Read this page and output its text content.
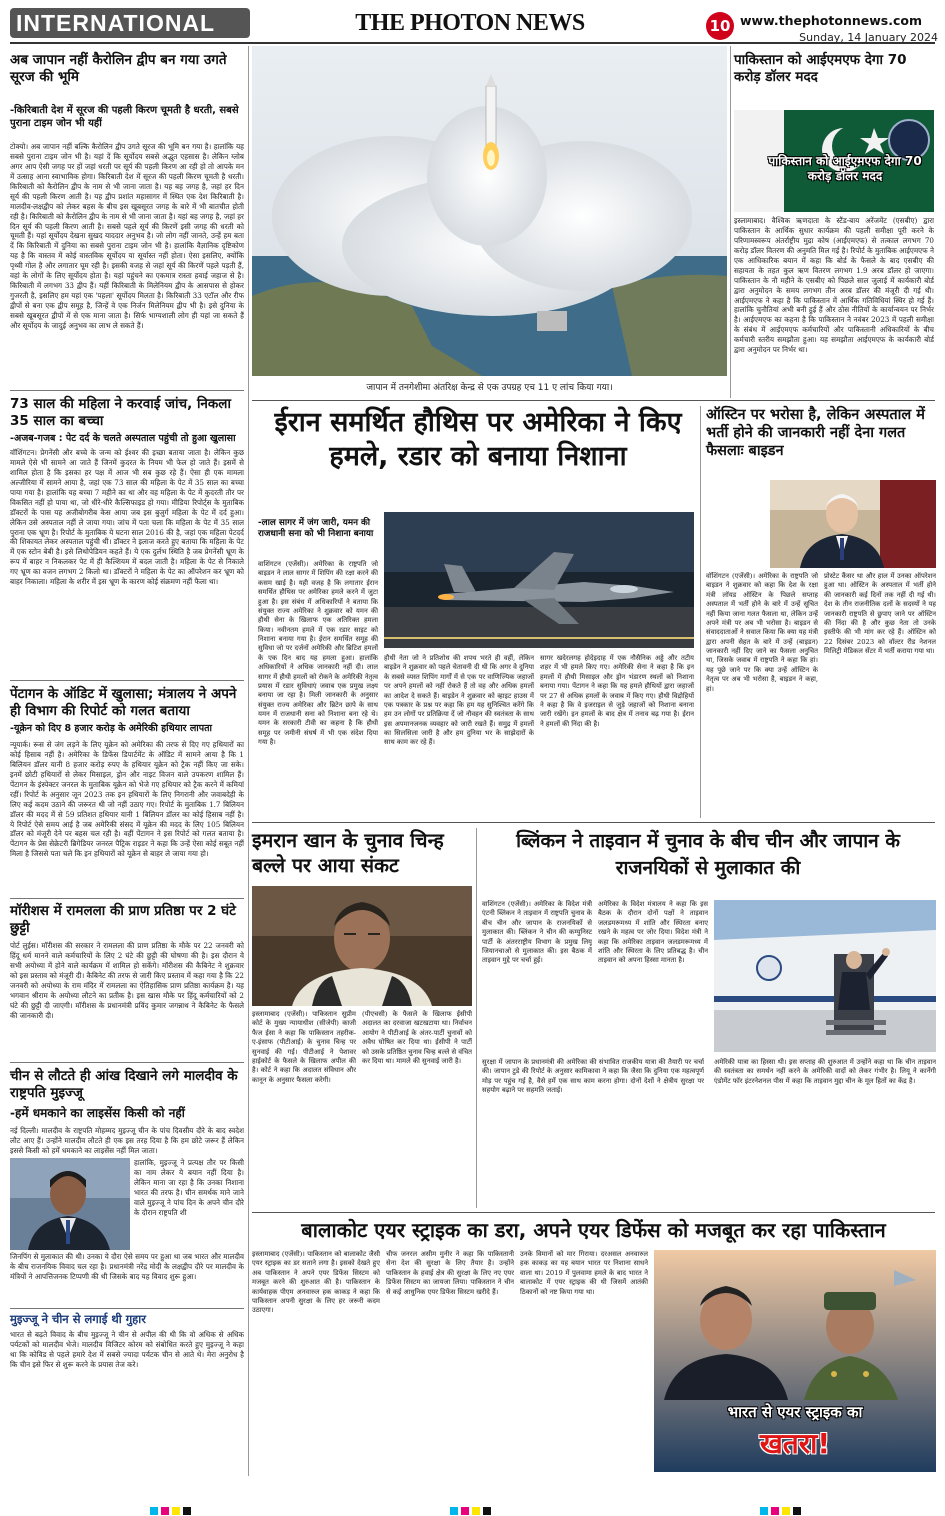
INTERNATIONAL	THE PHOTON NEWS	10 www.thephotonnews.com
Sunday, 14 January 2024
अब जापान नहीं कैरोलिन द्वीप बन गया उगते सूरज की भूमि
-किरिबाती देश में सूरज की पहली किरण चूमती है धरती, सबसे पुराना टाइम जोन भी यहीं
टोक्यो। अब जापान नहीं बल्कि कैरोलिन द्वीप उगते सूरज की भूमि बन गया है। हालांकि यह सबसे पुराना टाइम जोन भी है। यहां दें कि सूर्योदय सबसे अद्भुत एहसास है। लेकिन ग्लोब अगर आप ऐसी जगह पर हों जहां धरती पर सूर्य की पहली किरण आ रही हो तो आपके मन में उत्साह आना स्वाभाविक होगा। किरिबाती देश में सूरज की पहली किरण चूमती है धरती। किरिबाती को कैरोलिन द्वीप के नाम से भी जाना जाता है। यह बह जगह है, जहां हर दिन सूर्य की पहली किरण आती है। यह द्वीप प्रशांत महासागर में स्थित एक देश किरिबाती है। मालदीव-लक्षद्वीप को लेकर बहस के बीच इस खूबसूरत जगह के बारे में भी बातचीत होती रही है। किरिबाती को कैरोलिन द्वीप के नाम से भी जाना जाता है। यहां बह जगह है, जहां हर दिन सूर्य की पहली किरण आती है। सबसे पहले सूर्य की किरणें इसी जगह की धरती को चूमती हैं। यहां सूर्योदय देखना सुखद याददार अनुभव है। जो लोग नहीं जानते, उन्हें हम बता दें कि किरिबाती में दुनिया का सबसे पुराना टाइम जोन भी है। हालांकि वैज्ञानिक दृष्टिकोण यह है कि वास्तव में कोई वास्तविक सूर्योदय या सूर्यास्त नहीं होता। ऐसा इसलिए, क्योंकि पृथ्वी गोल है और लगातार घूम रही है। इसकी वजह से जहां सूर्य की किरणें पहले पड़ती हैं, वहां के लोगों के लिए सूर्योदय होता है। यहां पहुंचने का एकमात्र रास्ता हवाई जहाज से है। किरिबाती में लगभग 33 द्वीप हैं। यहीं किरिबाती के मिलेनियम द्वीप के आसपास से होकर गुजरती है, इसलिए हम यहां एक 'पहला' सूर्योदय मिलता है। किरिबाती 33 एटॉल और रीफ द्वीपों से बना एक द्वीप समूह है, जिन्हें वे एक निर्जन मिलेनियम द्वीप भी है। इसे दुनिया के सबसे खूबसूरत द्वीपों में से एक माना जाता है। सिर्फ भाग्यशाली लोग ही यहां जा सकते हैं और सूर्योदय के जादुई अनुभव का लाभ ले सकते हैं।
73 साल की महिला ने करवाई जांच, निकला 35 साल का बच्चा
-अजब-गजब : पेट दर्द के चलते अस्पताल पहुंची तो हुआ खुलासा
वॉशिंगटन। प्रेगनेंसी और बच्चे के जन्म को ईश्वर की इच्छा बताया जाता है। लेकिन कुछ मामले ऐसे भी सामने आ जाते हैं जिनमें कुदरत के नियम भी फेल हो जाते हैं। इसमें से शामिल होता है कि इसका हर पक्ष में आज भी सब कुछ रहे हैं। ऐसा ही एक मामला अल्जीरिया में सामने आया है, जहां एक 73 साल की महिला के पेट में 35 साल का बच्चा पाया गया है। हालांकि यह बच्चा 7 महीने का था और वह महिला के पेट में कुदरती तौर पर विकसित नहीं हो पाया था, जो धीरे-धीरे कैल्सिफाइड हो गया। मीडिया रिपोर्ट्स के मुताबिक डॉक्टरों के पास यह अजीबोगरीब केस आया जब इस बुजुर्ग महिला के पेट में दर्द हुआ। लेकिन उसे अस्पताल नहीं ले जाया गया। जांच में पता चला कि महिला के पेट में 35 साल पुराना एक भ्रूण है। रिपोर्ट के मुताबिक ये घटना साल 2016 की है, जहां एक महिला पेटदर्द की शिकायत लेकर अस्पताल पहुंची थी। डॉक्टर ने इलाज करते हुए बताया कि महिला के पेट में एक स्टोन बेबी है। इसे लिथोपेडियन कहते हैं। ये एक दुर्लभ स्थिति है जब प्रेगनेंसी भ्रूण के रूप में बाहर न निकलकर पेट में ही कैल्शियम में बदल जाती है। महिला के पेट से निकाले गए भ्रूण का वजन लगभग 2 किलो था। डॉक्टरों ने महिला के पेट का ऑपरेशन कर भ्रूण को बाहर निकाला। महिला के शरीर में इस भ्रूण के कारण कोई संक्रमण नहीं फैला था।
पेंटागन के ऑडिट में खुलासा; मंत्रालय ने अपने ही विभाग की रिपोर्ट को गलत बताया
-यूक्रेन को दिए 8 हजार करोड़ के अमेरिकी हथियार लापता
न्यूयार्क। रूस से जंग लड़ने के लिए यूक्रेन को अमेरिका की तरफ से दिए गए हथियारों का कोई हिसाब नहीं है। अमेरिका के डिफेंस डिपार्टमेंट के ऑडिट में सामने आया है कि 1 बिलियन डॉलर यानी 8 हजार करोड़ रुपए के हथियार यूक्रेन को ट्रैक नहीं किए जा सके। इनमें छोटी हथियारों से लेकर मिसाइल, ड्रोन और नाइट विजन वाले उपकरण शामिल हैं। पेंटागन के इंस्पेक्टर जनरल के मुताबिक यूक्रेन को भेजे गए हथियार को ट्रैक करने में कमियां रहीं। रिपोर्ट के अनुसार जून 2023 तक इन हथियारों के लिए निगरानी और जवाबदेही के लिए कई कदम उठाने की जरूरत थी जो नहीं उठाए गए। रिपोर्ट के मुताबिक 1.7 बिलियन डॉलर की मदद में से 59 प्रतिशत हथियार यानी 1 बिलियन डॉलर का कोई हिसाब नहीं है। ये रिपोर्ट ऐसे समय आई है जब अमेरिकी संसद में यूक्रेन की मदद के लिए 105 बिलियन डॉलर को मंजूरी देने पर बहस चल रही है। वहीं पेंटागन ने इस रिपोर्ट को गलत बताया है। पेंटागन के प्रेस सेक्रेटरी ब्रिगेडियर जनरल पैट्रिक राइडर ने कहा कि उन्हें ऐसा कोई सबूत नहीं मिला है जिससे पता चले कि इन हथियारों को यूक्रेन से बाहर ले जाया गया हो।
मॉरीशस में रामलला की प्राण प्रतिष्ठा पर 2 घंटे छुट्टी
पोर्ट लुईस। मॉरीशस की सरकार ने रामलला की प्राण प्रतिष्ठा के मौके पर 22 जनवरी को हिंदू धर्म मानने वाले कर्मचारियों के लिए 2 घंटे की छुट्टी की घोषणा की है। इस दौरान वे सभी अयोध्या में होने वाले कार्यक्रम में शामिल हो सकेंगे। मॉरीशस की कैबिनेट ने शुक्रवार को इस प्रस्ताव को मंजूरी दी। कैबिनेट की तरफ से जारी किए प्रस्ताव में कहा गया है कि 22 जनवरी को अयोध्या के राम मंदिर में रामलला का ऐतिहासिक प्राण प्रतिष्ठा कार्यक्रम है। यह भगवान श्रीराम के अयोध्या लौटने का प्रतीक है। इस खास मौके पर हिंदू कर्मचारियों को 2 घंटे की छुट्टी दी जाएगी। मॉरीशस के प्रधानमंत्री प्रविंद कुमार जगन्नाथ ने कैबिनेट के फैसले की जानकारी दी।
चीन से लौटते ही आंख दिखाने लगे मालदीव के राष्ट्रपति मुइज्जू
-हमें धमकाने का लाइसेंस किसी को नहीं
नई दिल्ली। मालदीव के राष्ट्रपति मोहम्मद मुइज्जू चीन के पांच दिवसीय दौरे के बाद स्वदेश लौट आए हैं। उन्होंने मालदीव लौटते ही एक इस तरह दिया है कि हम छोटे जरूर हैं लेकिन इससे किसी को हमें धमकाने का लाइसेंस नहीं मिल जाता।
हालांकि, मुइज्जू ने प्रत्यक्ष तौर पर किसी का नाम लेकर ये बयान नहीं दिया है। लेकिन माना जा रहा है कि उनका निशाना भारत की तरफ है। चीन समर्थक माने जाने वाले मुइज्जू ने पांच दिन के अपने चीन दौरे के दौरान राष्ट्रपति शी
जिनपिंग से मुलाकात की थी। उनका ये दौरा ऐसे समय पर हुआ था जब भारत और मालदीव के बीच राजनयिक विवाद चल रहा है। प्रधानमंत्री नरेंद्र मोदी के लक्षद्वीप दौरे पर मालदीव के मंत्रियों ने आपत्तिजनक टिप्पणी की थी जिसके बाद यह विवाद शुरू हुआ।
मुइज्जू ने चीन से लगाई थी गुहार
भारत से बढ़ते विवाद के बीच मुइज्जू ने चीन से अपील की थी कि वो अधिक से अधिक पर्यटकों को मालदीव भेजे। मालदीव विजिटर कोरम को संबोधित करते हुए मुइज्जू ने कहा था कि कोविड से पहले हमारे देश में सबसे ज्यादा पर्यटक चीन से आते थे। मेरा अनुरोध है कि चीन इसे फिर से शुरू करने के प्रयास तेज करे।
जापान में तनगेशीमा अंतरिक्ष केन्द्र से एक उपग्रह एच 11 ए लांच किया गया।
पाकिस्तान को आईएमएफ देगा 70 करोड़ डॉलर मदद
पाकिस्तान को आईएमएफ देगा 70 करोड़ डॉलर मदद
इस्लामाबाद। वैश्विक ऋणदाता के स्टैंड-बाय अरेंजमेंट (एसबीए) द्वारा पाकिस्तान के आर्थिक सुधार कार्यक्रम की पहली समीक्षा पूरी करने के परिणामस्वरूप अंतर्राष्ट्रीय मुद्रा कोष (आईएमएफ) से तत्काल लगभग 70 करोड़ डॉलर वितरण की अनुमति मिल गई है। रिपोर्ट के मुताबिक आईएमएफ ने एक आधिकारिक बयान में कहा कि बोर्ड के फैसले के बाद एसबीए की सहायता के तहत कुल ऋण वितरण लगभग 1.9 अरब डॉलर हो जाएगा। पाकिस्तान के नौ महीने के एसबीए को पिछले साल जुलाई में कार्यकारी बोर्ड द्वारा अनुमोदन के समय लगभग तीन अरब डॉलर की मंजूरी दी गई थी। आईएमएफ ने कहा है कि पाकिस्तान में आर्थिक गतिविधियां स्थिर हो गई हैं। हालांकि चुनौतियां अभी बनी हुई हैं और ठोस नीतियों के कार्यान्वयन पर निर्भर है। आईएमएफ का कहना है कि पाकिस्तान ने नवंबर 2023 में पहली समीक्षा के संबंध में आईएमएफ कर्मचारियों और पाकिस्तानी अधिकारियों के बीच कर्मचारी स्तरीय समझौता हुआ। यह समझौता आईएमएफ के कार्यकारी बोर्ड द्वारा अनुमोदन पर निर्भर था।
ईरान समर्थित हौथिस पर अमेरिका ने किए हमले, रडार को बनाया निशाना
-लाल सागर में जंग जारी, यमन की राजधानी सना को भी निशाना बनाया
वाशिंगटन (एजेंसी)। अमेरिका के राष्ट्रपति जो बाइडन ने लाल सागर में शिपिंग की रक्षा करने की कसम खाई है। यही वजह है कि लगातार ईरान समर्थित हौथिस पर अमेरिका हमले करने में जुटा हुआ है। इस संबंध में अधिकारियों ने बताया कि संयुक्त राज्य अमेरिका ने शुक्रवार को यमन की हौथी सेना के खिलाफ एक अतिरिक्त हमला किया। नवीनतम हमले में एक रडार साइट को निशाना बनाया गया है। ईरान समर्थित समूह की सुविधा जो पर दर्जनों अमेरिकी और ब्रिटिश हमलों के एक दिन बाद यह हमला हुआ। हालांकि अधिकारियों ने अधिक जानकारी नहीं दी। लाल सागर में हौथी हमलों को रोकने के अमेरिकी नेतृत्व प्रयास में रडार सुविधाएं जवाब एक प्रमुख लक्ष्य बनाया जा रहा है। मिली जानकारी के अनुसार संयुक्त राज्य अमेरिका और ब्रिटेन छापे के साथ यमन में राजधानी सना को निशाना बना रहे थे। यमन के सरकारी टीवी का कहना है कि हौथी समूह पर जमीनी संघर्ष में भी एक संदेश दिया गया है।
हौथी नेता जो ने प्रतिशोध की शपथ भरते ही वहीं, लेकिन बाइडेन ने शुक्रवार को पहले चेतावनी दी थी कि अगर वे दुनिया के सबसे व्यस्त शिपिंग मार्गों में से एक पर वाणिज्यिक जहाजों पर अपने हमलों को नहीं रोकते हैं तो वह और अधिक हमलों का आदेश दे सकते हैं। बाइडेन ने शुक्रवार को व्हाइट हाउस में एक पत्रकार के प्रश्न पर कहा कि हम यह सुनिश्चित करेंगे कि हम उन लोगों पर प्रतिक्रिया दें जो नौवहन की स्वतंत्रता के साथ इस अपमानजनक व्यवहार को जारी रखते हैं। समुद्र में हमलों का सिलसिला जारी है और हम दुनिया भर के साझेदारों के साथ काम कर रहे हैं।
सागर खदेरलगह होदेइदाह में एक नौसैनिक अड्डे और तटीय शहर में भी हमले किए गए। अमेरिकी सेना ने कहा है कि इन हमलों में हौथी मिसाइल और ड्रोन भंडारण स्थलों को निशाना बनाया गया। पेंटागन ने कहा कि यह हमले हौथियों द्वारा जहाजों पर 27 से अधिक हमलों के जवाब में किए गए। हौथी विद्रोहियों ने कहा है कि वे इजराइल से जुड़े जहाजों को निशाना बनाना जारी रखेंगे। इन हमलों के बाद क्षेत्र में तनाव बढ़ गया है। ईरान ने हमलों की निंदा की है।
ऑस्टिन पर भरोसा है, लेकिन अस्पताल में भर्ती होने की जानकारी नहीं देना गलत फैसलाः बाइडन
वॉशिंगटन (एजेंसी)। अमेरिका के राष्ट्रपति जो बाइडन ने शुक्रवार को कहा कि देश के रक्षा मंत्री लॉयड ऑस्टिन के पिछले सप्ताह अस्पताल में भर्ती होने के बारे में उन्हें सूचित नहीं किया जाना गलत फैसला था, लेकिन उन्हें अपने मंत्री पर अब भी भरोसा है। बाइडन से संवाददाताओं ने सवाल किया कि क्या यह मंत्री द्वारा अपनी सेहत के बारे में उन्हें (बाइडन) जानकारी नहीं दिए जाने का फैसला अनुचित था, जिसके जवाब में राष्ट्रपति ने कहा कि हां। यह पूछे जाने पर कि क्या उन्हें ऑस्टिन के नेतृत्व पर अब भी भरोसा है, बाइडन ने कहा, हां।
प्रोस्टेट कैंसर था और हाल में उनका ऑपरेशन हुआ था। ऑस्टिन के अस्पताल में भर्ती होने की जानकारी कई दिनों तक नहीं दी गई थी। देश के तीन राजनीतिक दलों के सदस्यों ने यह जानकारी राष्ट्रपति से छुपाए जाने पर ऑस्टिन की निंदा की है और कुछ नेता तो उनके इस्तीफे की भी मांग कर रहे हैं। ऑस्टिन को 22 दिसंबर 2023 को वॉल्टर रीड नेशनल मिलिट्री मेडिकल सेंटर में भर्ती कराया गया था।
इमरान खान के चुनाव चिन्ह बल्ले पर आया संकट
इस्लामाबाद (एजेंसी)। पाकिस्तान सुप्रीम कोर्ट के मुख्य न्यायाधीश (सीजेपी) काजी फैज ईसा ने कहा कि पाकिस्तान तहरीक-ए-इंसाफ (पीटीआई) के चुनाव चिन्ह पर सुनवाई की गई। पीटीआई ने पेशावर हाईकोर्ट के फैसले के खिलाफ अपील की है। कोर्ट ने कहा कि अदालत संविधान और कानून के अनुसार फैसला करेगी।
(पीएचसी) के फैसले के खिलाफ ईसीपी अदालत का दरवाजा खटखटाया था। निर्वाचन आयोग ने पीटीआई के अंतर-पार्टी चुनावों को अवैध घोषित कर दिया था। ईसीपी ने पार्टी को उसके प्रतिष्ठित चुनाव चिन्ह बल्ले से वंचित कर दिया था। मामले की सुनवाई जारी है।
ब्लिंकन ने ताइवान में चुनाव के बीच चीन और जापान के राजनयिकों से मुलाकात की
वाशिंगटन (एजेंसी)। अमेरिका के विदेश मंत्री एंटनी ब्लिंकन ने ताइवान में राष्ट्रपति चुनाव के बीच चीन और जापान के राजनयिकों से मुलाकात की। ब्लिंकन ने चीन की कम्युनिस्ट पार्टी के अंतरराष्ट्रीय विभाग के प्रमुख लियू जियानचाओ से मुलाकात की। इस बैठक में ताइवान मुद्दे पर चर्चा हुई।
अमेरिका के विदेश मंत्रालय ने कहा कि इस बैठक के दौरान दोनों पक्षों ने ताइवान जलडमरूमध्य में शांति और स्थिरता बनाए रखने के महत्व पर जोर दिया। विदेश मंत्री ने कहा कि अमेरिका ताइवान जलडमरूमध्य में शांति और स्थिरता के लिए प्रतिबद्ध है। चीन ताइवान को अपना हिस्सा मानता है।
सुरक्षा में जापान के प्रधानमंत्री की अमेरिका की संभावित राजकीय यात्रा की तैयारी पर चर्चा की। जापान टुडे की रिपोर्ट के अनुसार कामिकावा ने कहा कि जैसा कि दुनिया एक महत्वपूर्ण मोड़ पर पहुंच गई है, वैसे हमें एक साथ काम करना होगा। दोनों देशों ने क्षेत्रीय सुरक्षा पर सहयोग बढ़ाने पर सहमति जताई।
अमेरिकी यात्रा का हिस्सा थी। इस सप्ताह की शुरुआत में उन्होंने कहा था कि चीन ताइवान की स्वतंत्रता का समर्थन नहीं करने के अमेरिकी वादों को लेकर गंभीर है। लियू ने कार्नेगी एंडोमेंट फॉर इंटरनेशनल पीस में कहा कि ताइवान मुद्दा चीन के मूल हितों का केंद्र है।
बालाकोट एयर स्ट्राइक का डरा, अपने एयर डिफेंस को मजबूत कर रहा पाकिस्तान
इस्लामाबाद (एजेंसी)। पाकिस्तान को बालाकोट जैसी एयर स्ट्राइक का डर सताने लगा है। इसको देखते हुए अब पाकिस्तान ने अपने एयर डिफेंस सिस्टम को मजबूत करने की शुरुआत की है। पाकिस्तान के कार्यवाहक पीएम अनवारुल हक काकड़ ने कहा कि पाकिस्तान अपनी सुरक्षा के लिए हर जरूरी कदम उठाएगा।
चीफ जनरल असीम मुनीर ने कहा कि पाकिस्तानी सेना देश की सुरक्षा के लिए तैयार है। उन्होंने पाकिस्तान के हवाई क्षेत्र की सुरक्षा के लिए नए एयर डिफेंस सिस्टम का जायजा लिया। पाकिस्तान ने चीन से कई आधुनिक एयर डिफेंस सिस्टम खरीदे हैं।
उनके विमानों को मार गिराया। दरअसल अनवारुल हक काकड़ का यह बयान भारत पर निशाना साधने वाला था। 2019 में पुलवामा हमले के बाद भारत ने बालाकोट में एयर स्ट्राइक की थी जिसमें आतंकी ठिकानों को नष्ट किया गया था।
भारत से एयर स्ट्राइक का
खतरा!
